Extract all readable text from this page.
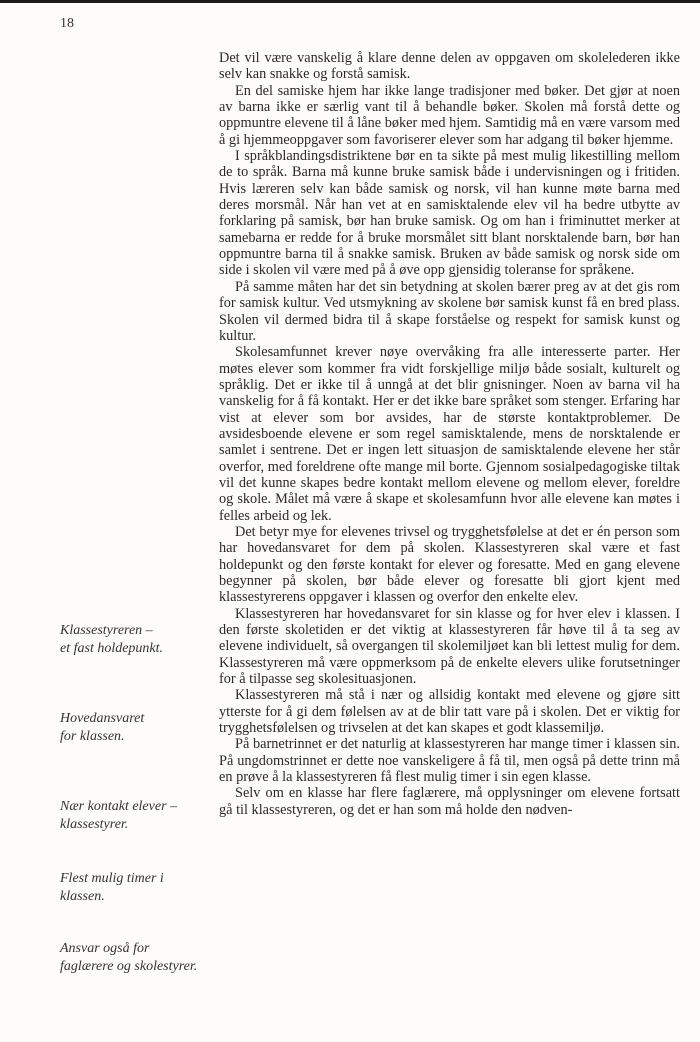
18

Det vil være vanskelig å klare denne delen av oppgaven om skolelederen ikke selv kan snakke og forstå samisk.

En del samiske hjem har ikke lange tradisjoner med bøker. Det gjør at noen av barna ikke er særlig vant til å behandle bøker. Skolen må forstå dette og oppmuntre elevene til å låne bøker med hjem. Samtidig må en være varsom med å gi hjemmeoppgaver som favoriserer elever som har adgang til bøker hjemme.

I språkblandingsdistriktene bør en ta sikte på mest mulig likestilling mellom de to språk. Barna må kunne bruke samisk både i undervisningen og i fritiden. Hvis læreren selv kan både samisk og norsk, vil han kunne møte barna med deres morsmål. Når han vet at en samisktalende elev vil ha bedre utbytte av forklaring på samisk, bør han bruke samisk. Og om han i friminuttet merker at samebarna er redde for å bruke morsmålet sitt blant norsktalende barn, bør han oppmuntre barna til å snakke samisk. Bruken av både samisk og norsk side om side i skolen vil være med på å øve opp gjensidig toleranse for språkene.

På samme måten har det sin betydning at skolen bærer preg av at det gis rom for samisk kultur. Ved utsmykning av skolene bør samisk kunst få en bred plass. Skolen vil dermed bidra til å skape forståelse og respekt for samisk kunst og kultur.

Skolesamfunnet krever nøye overvåking fra alle interesserte parter. Her møtes elever som kommer fra vidt forskjellige miljø både sosialt, kulturelt og språklig. Det er ikke til å unngå at det blir gnisninger. Noen av barna vil ha vanskelig for å få kontakt. Her er det ikke bare språket som stenger. Erfaring har vist at elever som bor avsides, har de største kontaktproblemer. De avsidesboende elevene er som regel samisktalende, mens de norsktalende er samlet i sentrene. Det er ingen lett situasjon de samisktalende elevene her står overfor, med foreldrene ofte mange mil borte. Gjennom sosialpedagogiske tiltak vil det kunne skapes bedre kontakt mellom elevene og mellom elever, foreldre og skole. Målet må være å skape et skolesamfunn hvor alle elevene kan møtes i felles arbeid og lek.

Det betyr mye for elevenes trivsel og trygghetsfølelse at det er én person som har hovedansvaret for dem på skolen. Klassestyreren skal være et fast holdepunkt og den første kontakt for elever og foresatte. Med en gang elevene begynner på skolen, bør både elever og foresatte bli gjort kjent med klassestyrerens oppgaver i klassen og overfor den enkelte elev.

Klassestyreren har hovedansvaret for sin klasse og for hver elev i klassen. I den første skoletiden er det viktig at klassestyreren får høve til å ta seg av elevene individuelt, så overgangen til skolemiljøet kan bli lettest mulig for dem. Klassestyreren må være oppmerksom på de enkelte elevers ulike forutsetninger for å tilpasse seg skolesituasjonen.

Klassestyreren må stå i nær og allsidig kontakt med elevene og gjøre sitt ytterste for å gi dem følelsen av at de blir tatt vare på i skolen. Det er viktig for trygghetsfølelsen og trivselen at det kan skapes et godt klassemiljø.

På barnetrinnet er det naturlig at klassestyreren har mange timer i klassen sin. På ungdomstrinnet er dette noe vanskeligere å få til, men også på dette trinn må en prøve å la klassestyreren få flest mulig timer i sin egen klasse.

Selv om en klasse har flere faglærere, må opplysninger om elevene fortsatt gå til klassestyreren, og det er han som må holde den nødven-

Klassestyreren –
et fast holdepunkt.
Hovedansvaret
for klassen.
Nær kontakt elever –
klassestyrer.
Flest mulig timer i
klassen.
Ansvar også for
faglærere og skolestyrer.
